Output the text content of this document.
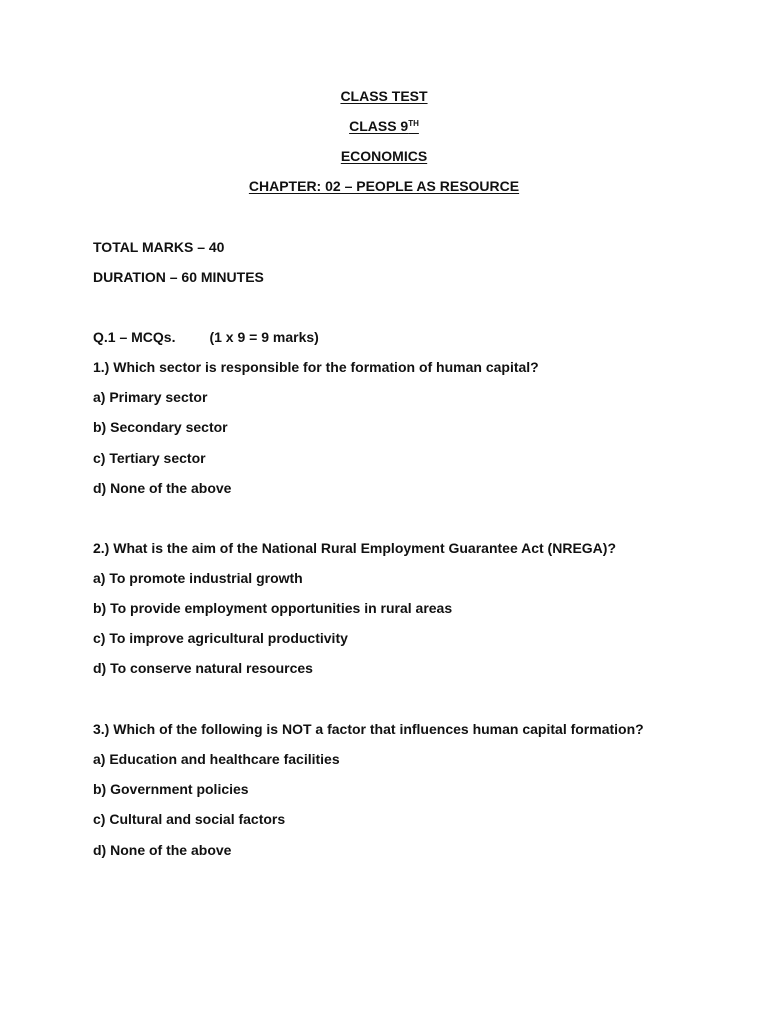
CLASS TEST
CLASS 9TH
ECONOMICS
CHAPTER: 02 – PEOPLE AS RESOURCE
TOTAL MARKS – 40
DURATION – 60 MINUTES
Q.1 – MCQs. (1 x 9 = 9 marks)
1.) Which sector is responsible for the formation of human capital?
a) Primary sector
b) Secondary sector
c) Tertiary sector
d) None of the above
2.) What is the aim of the National Rural Employment Guarantee Act (NREGA)?
a) To promote industrial growth
b) To provide employment opportunities in rural areas
c) To improve agricultural productivity
d) To conserve natural resources
3.) Which of the following is NOT a factor that influences human capital formation?
a) Education and healthcare facilities
b) Government policies
c) Cultural and social factors
d) None of the above
